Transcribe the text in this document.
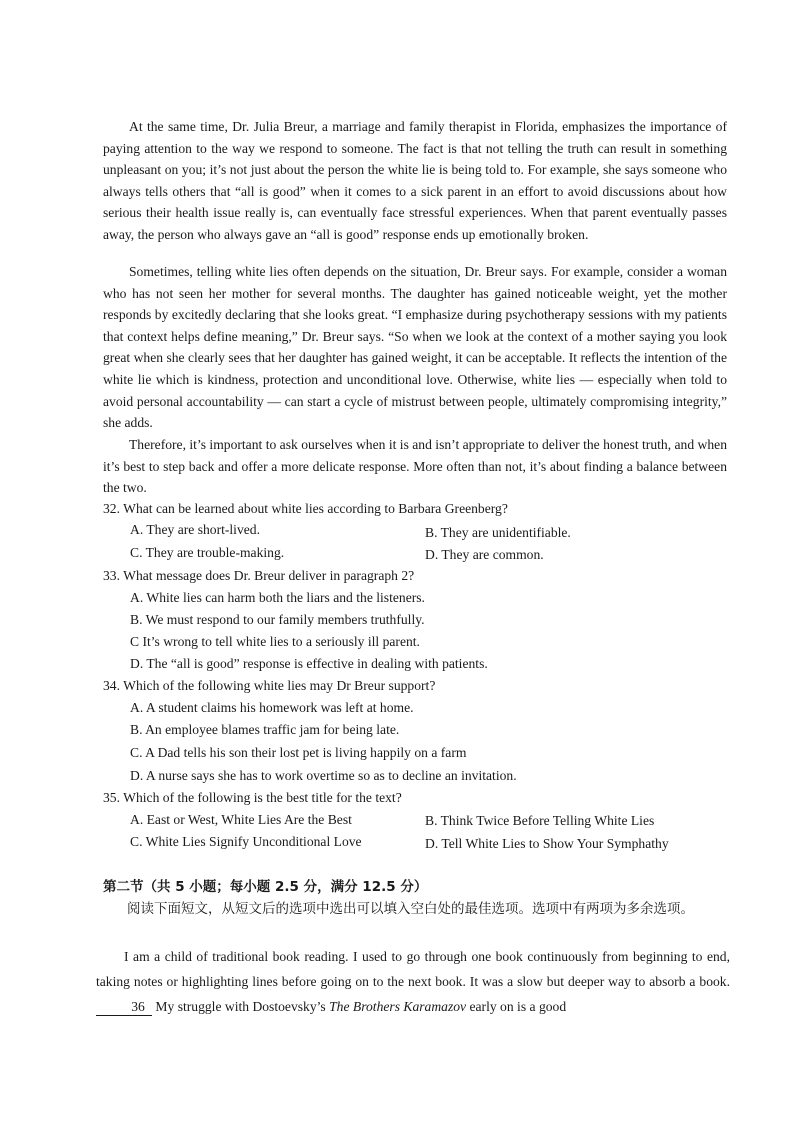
At the same time, Dr. Julia Breur, a marriage and family therapist in Florida, emphasizes the importance of paying attention to the way we respond to someone. The fact is that not telling the truth can result in something unpleasant on you; it’s not just about the person the white lie is being told to. For example, she says someone who always tells others that “all is good” when it comes to a sick parent in an effort to avoid discussions about how serious their health issue really is, can eventually face stressful experiences. When that parent eventually passes away, the person who always gave an “all is good” response ends up emotionally broken.

Sometimes, telling white lies often depends on the situation, Dr. Breur says. For example, consider a woman who has not seen her mother for several months. The daughter has gained noticeable weight, yet the mother responds by excitedly declaring that she looks great. “I emphasize during psychotherapy sessions with my patients that context helps define meaning,” Dr. Breur says. “So when we look at the context of a mother saying you look great when she clearly sees that her daughter has gained weight, it can be acceptable. It reflects the intention of the white lie which is kindness, protection and unconditional love. Otherwise, white lies — especially when told to avoid personal accountability — can start a cycle of mistrust between people, ultimately compromising integrity,” she adds.

Therefore, it’s important to ask ourselves when it is and isn’t appropriate to deliver the honest truth, and when it’s best to step back and offer a more delicate response. More often than not, it’s about finding a balance between the two.

32. What can be learned about white lies according to Barbara Greenberg?

A. They are short-lived.	B. They are unidentifiable.
C. They are trouble-making.	D. They are common.

33. What message does Dr. Breur deliver in paragraph 2?

A. White lies can harm both the liars and the listeners.
B. We must respond to our family members truthfully.
C It’s wrong to tell white lies to a seriously ill parent.
D. The “all is good” response is effective in dealing with patients.

34. Which of the following white lies may Dr Breur support?

A. A student claims his homework was left at home.
B. An employee blames traffic jam for being late.
C. A Dad tells his son their lost pet is living happily on a farm
D. A nurse says she has to work overtime so as to decline an invitation.

35. Which of the following is the best title for the text?

A. East or West, White Lies Are the Best	B. Think Twice Before Telling White Lies
C. White Lies Signify Unconditional Love	D. Tell White Lies to Show Your Symphathy
第二节（共 5 小题；每小题 2.5 分，满分 12.5 分）

阅读下面短文，从短文后的选项中选出可以填入空白处的最佳选项。选项中有两项为多余选项。

I am a child of traditional book reading. I used to go through one book continuously from beginning to end, taking notes or highlighting lines before going on to the next book. It was a slow but deeper way to absorb a book. 36 My struggle with Dostoevsky’s The Brothers Karamazov early on is a good
